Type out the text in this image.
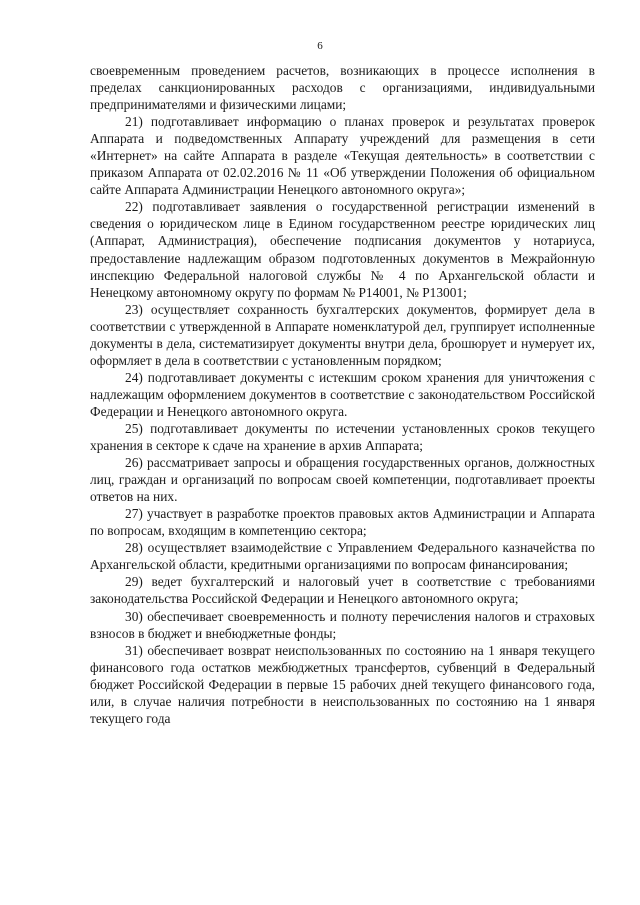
6

своевременным проведением расчетов, возникающих в процессе исполнения в пределах санкционированных расходов с организациями, индивидуальными предпринимателями и физическими лицами;

21) подготавливает информацию о планах проверок и результатах проверок Аппарата и подведомственных Аппарату учреждений для размещения в сети «Интернет» на сайте Аппарата в разделе «Текущая деятельность» в соответствии с приказом Аппарата от 02.02.2016 № 11 «Об утверждении Положения об официальном сайте Аппарата Администрации Ненецкого автономного округа»;

22) подготавливает заявления о государственной регистрации изменений в сведения о юридическом лице в Едином государственном реестре юридических лиц (Аппарат, Администрация), обеспечение подписания документов у нотариуса, предоставление надлежащим образом подготовленных документов в Межрайонную инспекцию Федеральной налоговой службы № 4 по Архангельской области и Ненецкому автономному округу по формам № Р14001, № Р13001;

23) осуществляет сохранность бухгалтерских документов, формирует дела в соответствии с утвержденной в Аппарате номенклатурой дел, группирует исполненные документы в дела, систематизирует документы внутри дела, брошюрует и нумерует их, оформляет в дела в соответствии с установленным порядком;

24) подготавливает документы с истекшим сроком хранения для уничтожения с надлежащим оформлением документов в соответствие с законодательством Российской Федерации и Ненецкого автономного округа.

25) подготавливает документы по истечении установленных сроков текущего хранения в секторе к сдаче на хранение в архив Аппарата;

26) рассматривает запросы и обращения государственных органов, должностных лиц, граждан и организаций по вопросам своей компетенции, подготавливает проекты ответов на них.

27) участвует в разработке проектов правовых актов Администрации и Аппарата по вопросам, входящим в компетенцию сектора;

28) осуществляет взаимодействие с Управлением Федерального казначейства по Архангельской области, кредитными организациями по вопросам финансирования;

29) ведет бухгалтерский и налоговый учет в соответствие с требованиями законодательства Российской Федерации и Ненецкого автономного округа;

30) обеспечивает своевременность и полноту перечисления налогов и страховых взносов в бюджет и внебюджетные фонды;

31) обеспечивает возврат неиспользованных по состоянию на 1 января текущего финансового года остатков межбюджетных трансфертов, субвенций в Федеральный бюджет Российской Федерации в первые 15 рабочих дней текущего финансового года, или, в случае наличия потребности в неиспользованных по состоянию на 1 января текущего года
